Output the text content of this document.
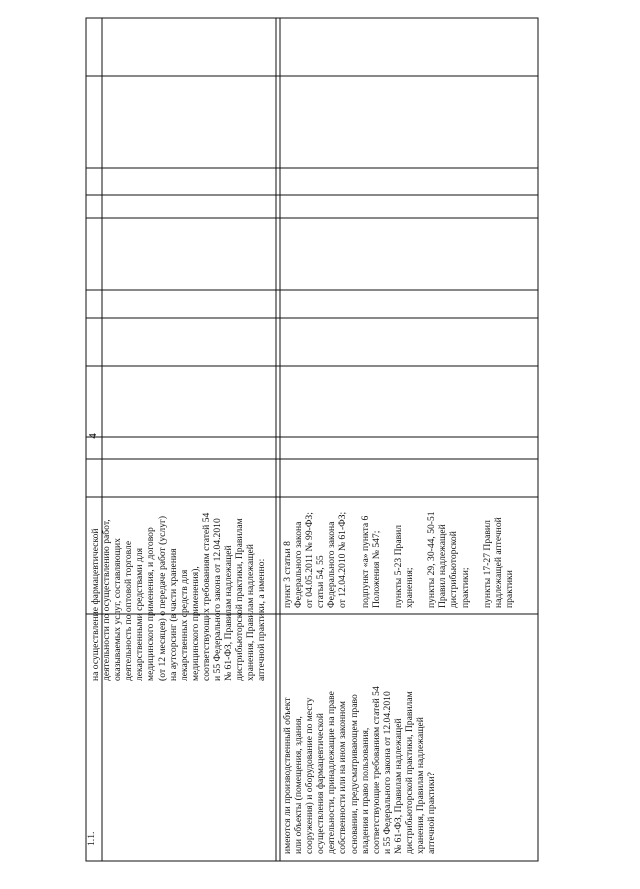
4
1.1.
на осуществление фармацевтической деятельности по осуществлению работ, оказываемых услуг, составляющих деятельность по оптовой торговле лекарственными средствами для медицинского применения, и договор (от 12 месяцев) о передаче работ (услуг) на аутсорсинг (в части хранения лекарственных средств для медицинского применения), соответствующих требованиям статей 54 и 55 Федерального закона от 12.04.2010 № 61-ФЗ, Правилам надлежащей дистрибьюторской практики, Правилам хранения, Правилам надлежащей аптечной практики, а именно:
имеются ли производственный объект или объекты (помещения, здания, сооружения) и оборудование по месту осуществления фармацевтической деятельности, принадлежащие на праве собственности или на ином законном основании, предусматривающем право владения и право пользования, соответствующие требованиям статей 54 и 55 Федерального закона от 12.04.2010 № 61-ФЗ, Правилам надлежащей дистрибьюторской практики, Правилам хранения, Правилам надлежащей аптечной практики?
пункт 3 статьи 8 Федерального закона от 04.05.2011 № 99-ФЗ; статьи 54, 55 Федерального закона от 12.04.2010 № 61-ФЗ; подпункт «а» пункта 6 Положения № 547; пункты 5-23 Правил хранения; пункты 29, 30-44, 50-51 Правил надлежащей дистрибьюторской практики; пункты 17-27 Правил надлежащей аптечной практики
